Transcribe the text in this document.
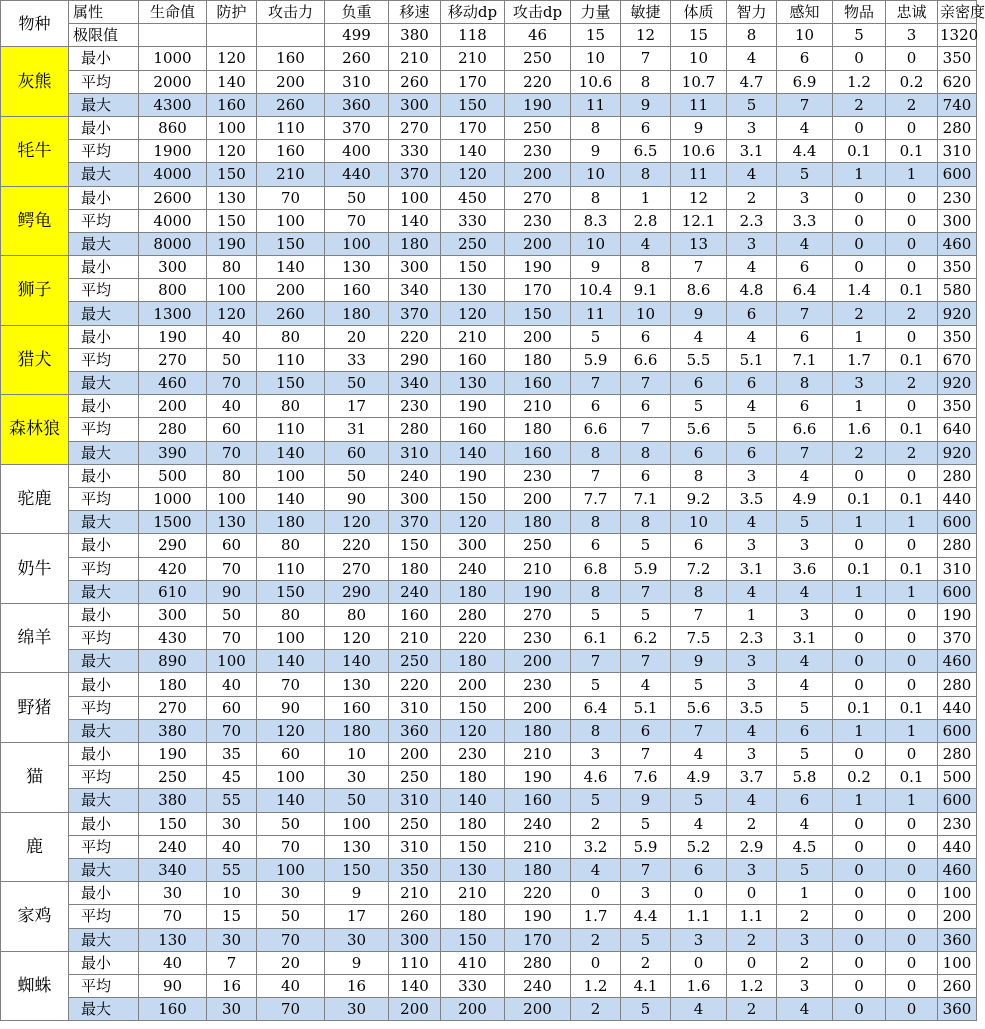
物种	属性	生命值	防护	攻击力	负重	移速	移动dp	攻击dp	力量	敏捷	体质	智力	感知	物品	忠诚	亲密度
	极限值				499	380	118	46	15	12	15	8	10	5	3	1320
灰熊	最小	1000	120	160	260	210	210	250	10	7	10	4	6	0	0	350
	平均	2000	140	200	310	260	170	220	10.6	8	10.7	4.7	6.9	1.2	0.2	620
	最大	4300	160	260	360	300	150	190	11	9	11	5	7	2	2	740
牦牛	最小	860	100	110	370	270	170	250	8	6	9	3	4	0	0	280
	平均	1900	120	160	400	330	140	230	9	6.5	10.6	3.1	4.4	0.1	0.1	310
	最大	4000	150	210	440	370	120	200	10	8	11	4	5	1	1	600
鳄龟	最小	2600	130	70	50	100	450	270	8	1	12	2	3	0	0	230
	平均	4000	150	100	70	140	330	230	8.3	2.8	12.1	2.3	3.3	0	0	300
	最大	8000	190	150	100	180	250	200	10	4	13	3	4	0	0	460
狮子	最小	300	80	140	130	300	150	190	9	8	7	4	6	0	0	350
	平均	800	100	200	160	340	130	170	10.4	9.1	8.6	4.8	6.4	1.4	0.1	580
	最大	1300	120	260	180	370	120	150	11	10	9	6	7	2	2	920
猎犬	最小	190	40	80	20	220	210	200	5	6	4	4	6	1	0	350
	平均	270	50	110	33	290	160	180	5.9	6.6	5.5	5.1	7.1	1.7	0.1	670
	最大	460	70	150	50	340	130	160	7	7	6	6	8	3	2	920
森林狼	最小	200	40	80	17	230	190	210	6	6	5	4	6	1	0	350
	平均	280	60	110	31	280	160	180	6.6	7	5.6	5	6.6	1.6	0.1	640
	最大	390	70	140	60	310	140	160	8	8	6	6	7	2	2	920
驼鹿	最小	500	80	100	50	240	190	230	7	6	8	3	4	0	0	280
	平均	1000	100	140	90	300	150	200	7.7	7.1	9.2	3.5	4.9	0.1	0.1	440
	最大	1500	130	180	120	370	120	180	8	8	10	4	5	1	1	600
奶牛	最小	290	60	80	220	150	300	250	6	5	6	3	3	0	0	280
	平均	420	70	110	270	180	240	210	6.8	5.9	7.2	3.1	3.6	0.1	0.1	310
	最大	610	90	150	290	240	180	190	8	7	8	4	4	1	1	600
绵羊	最小	300	50	80	80	160	280	270	5	5	7	1	3	0	0	190
	平均	430	70	100	120	210	220	230	6.1	6.2	7.5	2.3	3.1	0	0	370
	最大	890	100	140	140	250	180	200	7	7	9	3	4	0	0	460
野猪	最小	180	40	70	130	220	200	230	5	4	5	3	4	0	0	280
	平均	270	60	90	160	310	150	200	6.4	5.1	5.6	3.5	5	0.1	0.1	440
	最大	380	70	120	180	360	120	180	8	6	7	4	6	1	1	600
猫	最小	190	35	60	10	200	230	210	3	7	4	3	5	0	0	280
	平均	250	45	100	30	250	180	190	4.6	7.6	4.9	3.7	5.8	0.2	0.1	500
	最大	380	55	140	50	310	140	160	5	9	5	4	6	1	1	600
鹿	最小	150	30	50	100	250	180	240	2	5	4	2	4	0	0	230
	平均	240	40	70	130	310	150	210	3.2	5.9	5.2	2.9	4.5	0	0	440
	最大	340	55	100	150	350	130	180	4	7	6	3	5	0	0	460
家鸡	最小	30	10	30	9	210	210	220	0	3	0	0	1	0	0	100
	平均	70	15	50	17	260	180	190	1.7	4.4	1.1	1.1	2	0	0	200
	最大	130	30	70	30	300	150	170	2	5	3	2	3	0	0	360
蜘蛛	最小	40	7	20	9	110	410	280	0	2	0	0	2	0	0	100
	平均	90	16	40	16	140	330	240	1.2	4.1	1.6	1.2	3	0	0	260
	最大	160	30	70	30	200	200	200	2	5	4	2	4	0	0	360
